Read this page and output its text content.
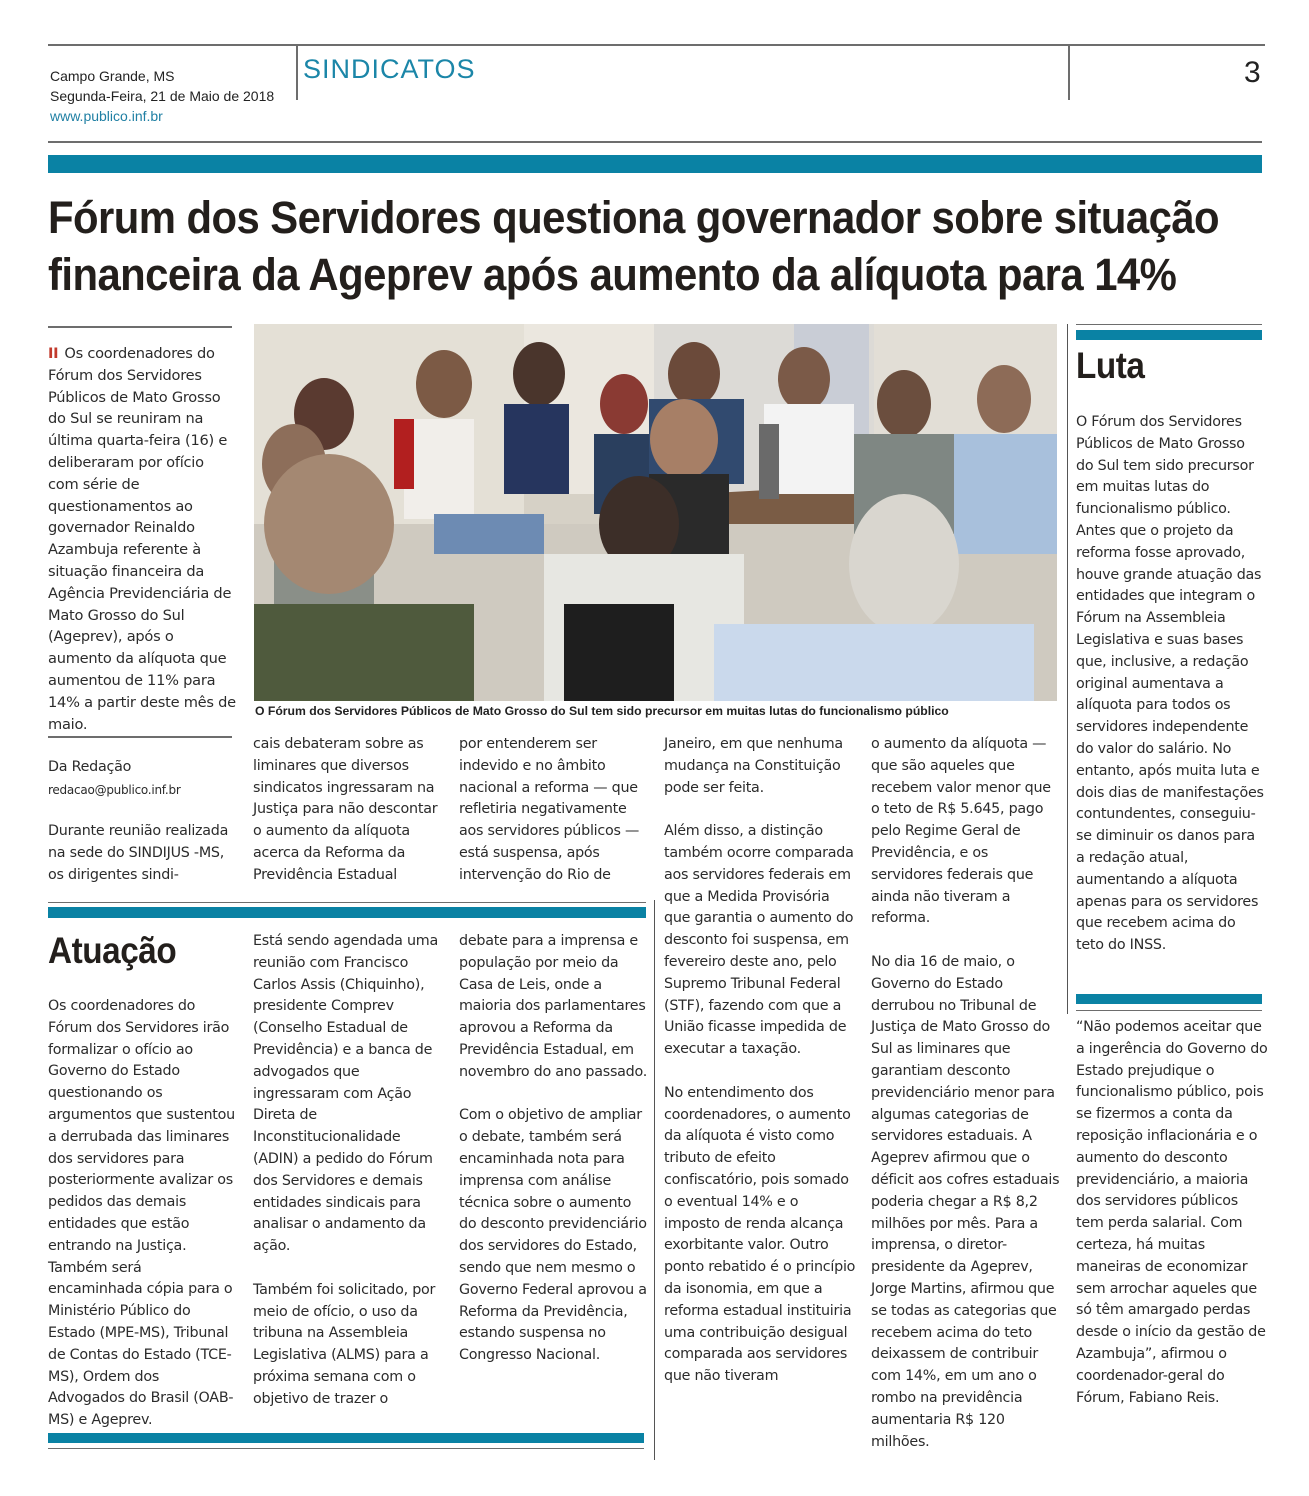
Campo Grande, MS
Segunda-Feira, 21 de Maio de 2018
www.publico.inf.br
SINDICATOS	3
Fórum dos Servidores questiona governador sobre situação
financeira da Ageprev após aumento da alíquota para 14%
II Os coordenadores do Fórum dos Servidores Públicos de Mato Grosso do Sul se reuniram na última quarta-feira (16) e deliberaram por ofício com série de questionamentos ao governador Reinaldo Azambuja referente à situação financeira da Agência Previdenciária de Mato Grosso do Sul (Ageprev), após o aumento da alíquota que aumentou de 11% para 14% a partir deste mês de maio.
Da Redação
redacao@publico.inf.br
O Fórum dos Servidores Públicos de Mato Grosso do Sul tem sido precursor em muitas lutas do funcionalismo público
Durante reunião realizada na sede do SINDIJUS -MS, os dirigentes sindi-
cais debateram sobre as liminares que diversos sindicatos ingressaram na Justiça para não descontar o aumento da alíquota acerca da Reforma da Previdência Estadual
por entenderem ser indevido e no âmbito nacional a reforma — que refletiria negativamente aos servidores públicos — está suspensa, após intervenção do Rio de

Janeiro, em que nenhuma mudança na Constituição pode ser feita.

Além disso, a distinção também ocorre comparada aos servidores federais em que a Medida Provisória que garantia o aumento do desconto foi suspensa, em fevereiro deste ano, pelo Supremo Tribunal Federal (STF), fazendo com que a União ficasse impedida de executar a taxação.

No entendimento dos coordenadores, o aumento da alíquota é visto como tributo de efeito confiscatório, pois somado o eventual 14% e o imposto de renda alcança exorbitante valor. Outro ponto rebatido é o princípio da isonomia, em que a reforma estadual instituiria uma contribuição desigual comparada aos servidores que não tiveram

o aumento da alíquota — que são aqueles que recebem valor menor que o teto de R$ 5.645, pago pelo Regime Geral de Previdência, e os servidores federais que ainda não tiveram a reforma.

No dia 16 de maio, o Governo do Estado derrubou no Tribunal de Justiça de Mato Grosso do Sul as liminares que garantiam desconto previdenciário menor para algumas categorias de servidores estaduais. A Ageprev afirmou que o déficit aos cofres estaduais poderia chegar a R$ 8,2 milhões por mês. Para a imprensa, o diretor-presidente da Ageprev, Jorge Martins, afirmou que se todas as categorias que recebem acima do teto deixassem de contribuir com 14%, em um ano o rombo na previdência aumentaria R$ 120 milhões.

Atuação
Os coordenadores do Fórum dos Servidores irão formalizar o ofício ao Governo do Estado questionando os argumentos que sustentou a derrubada das liminares dos servidores para posteriormente avalizar os pedidos das demais entidades que estão entrando na Justiça. Também será encaminhada cópia para o Ministério Público do Estado (MPE-MS), Tribunal de Contas do Estado (TCE-MS), Ordem dos Advogados do Brasil (OAB-MS) e Ageprev.

Está sendo agendada uma reunião com Francisco Carlos Assis (Chiquinho), presidente Comprev (Conselho Estadual de Previdência) e a banca de advogados que ingressaram com Ação Direta de Inconstitucionalidade (ADIN) a pedido do Fórum dos Servidores e demais entidades sindicais para analisar o andamento da ação.

Também foi solicitado, por meio de ofício, o uso da tribuna na Assembleia Legislativa (ALMS) para a próxima semana com o objetivo de trazer o

debate para a imprensa e população por meio da Casa de Leis, onde a maioria dos parlamentares aprovou a Reforma da Previdência Estadual, em novembro do ano passado.

Com o objetivo de ampliar o debate, também será encaminhada nota para imprensa com análise técnica sobre o aumento do desconto previdenciário dos servidores do Estado, sendo que nem mesmo o Governo Federal aprovou a Reforma da Previdência, estando suspensa no Congresso Nacional.

Luta
O Fórum dos Servidores Públicos de Mato Grosso do Sul tem sido precursor em muitas lutas do funcionalismo público. Antes que o projeto da reforma fosse aprovado, houve grande atuação das entidades que integram o Fórum na Assembleia Legislativa e suas bases que, inclusive, a redação original aumentava a alíquota para todos os servidores independente do valor do salário. No entanto, após muita luta e dois dias de manifestações contundentes, conseguiu-se diminuir os danos para a redação atual, aumentando a alíquota apenas para os servidores que recebem acima do teto do INSS.
“Não podemos aceitar que a ingerência do Governo do Estado prejudique o funcionalismo público, pois se fizermos a conta da reposição inflacionária e o aumento do desconto previdenciário, a maioria dos servidores públicos tem perda salarial. Com certeza, há muitas maneiras de economizar sem arrochar aqueles que só têm amargado perdas desde o início da gestão de Azambuja”, afirmou o coordenador-geral do Fórum, Fabiano Reis.
